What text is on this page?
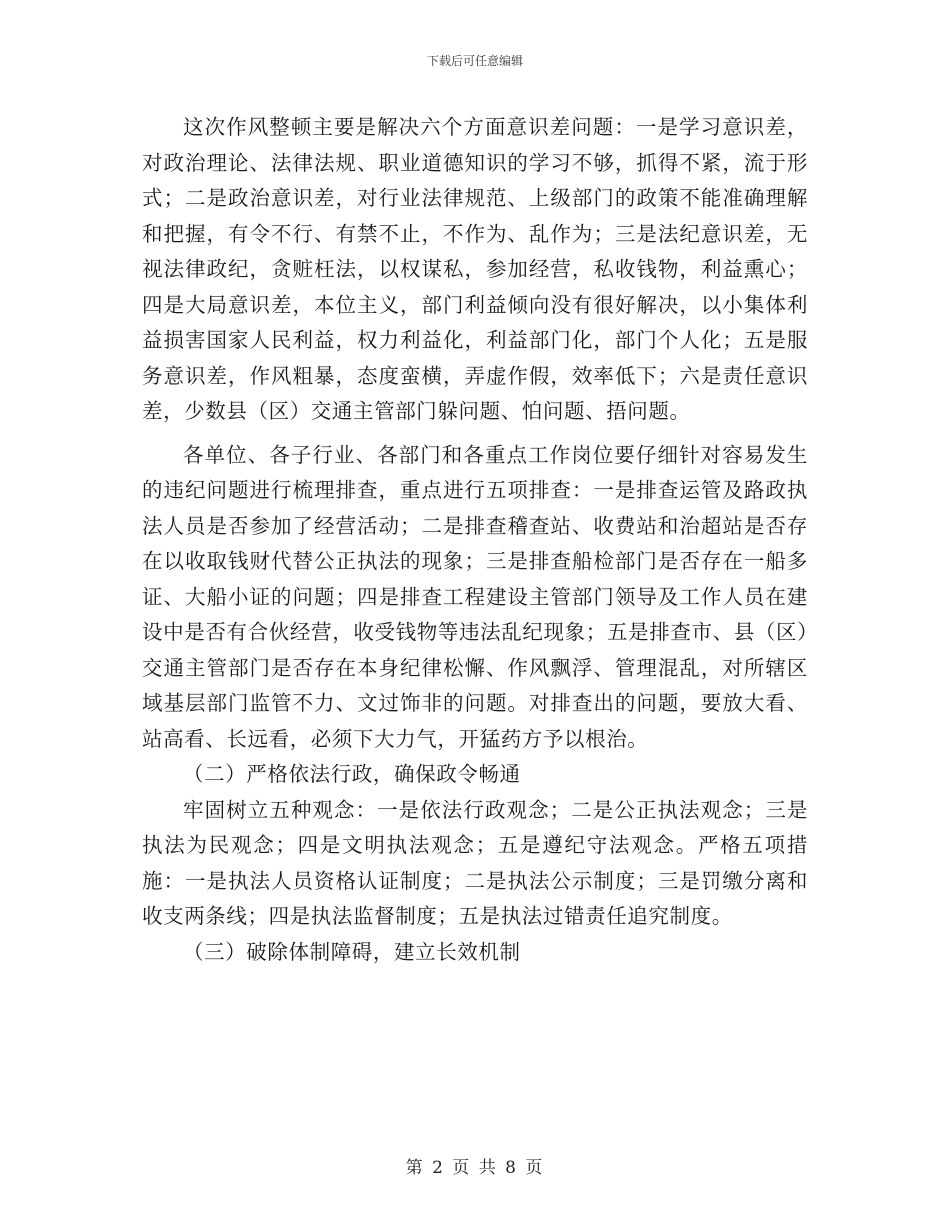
下载后可任意编辑

这次作风整顿主要是解决六个方面意识差问题：一是学习意识差，对政治理论、法律法规、职业道德知识的学习不够，抓得不紧，流于形式；二是政治意识差，对行业法律规范、上级部门的政策不能准确理解和把握，有令不行、有禁不止，不作为、乱作为；三是法纪意识差，无视法律政纪，贪赃枉法，以权谋私，参加经营，私收钱物，利益熏心；四是大局意识差，本位主义，部门利益倾向没有很好解决，以小集体利益损害国家人民利益，权力利益化，利益部门化，部门个人化；五是服务意识差，作风粗暴，态度蛮横，弄虚作假，效率低下；六是责任意识差，少数县（区）交通主管部门躲问题、怕问题、捂问题。

各单位、各子行业、各部门和各重点工作岗位要仔细针对容易发生的违纪问题进行梳理排查，重点进行五项排查：一是排查运管及路政执法人员是否参加了经营活动；二是排查稽查站、收费站和治超站是否存在以收取钱财代替公正执法的现象；三是排查船检部门是否存在一船多证、大船小证的问题；四是排查工程建设主管部门领导及工作人员在建设中是否有合伙经营，收受钱物等违法乱纪现象；五是排查市、县（区）交通主管部门是否存在本身纪律松懈、作风飘浮、管理混乱，对所辖区域基层部门监管不力、文过饰非的问题。对排查出的问题，要放大看、站高看、长远看，必须下大力气，开猛药方予以根治。

（二）严格依法行政，确保政令畅通

牢固树立五种观念：一是依法行政观念；二是公正执法观念；三是执法为民观念；四是文明执法观念；五是遵纪守法观念。严格五项措施：一是执法人员资格认证制度；二是执法公示制度；三是罚缴分离和收支两条线；四是执法监督制度；五是执法过错责任追究制度。

（三）破除体制障碍，建立长效机制

第 2 页 共 8 页
